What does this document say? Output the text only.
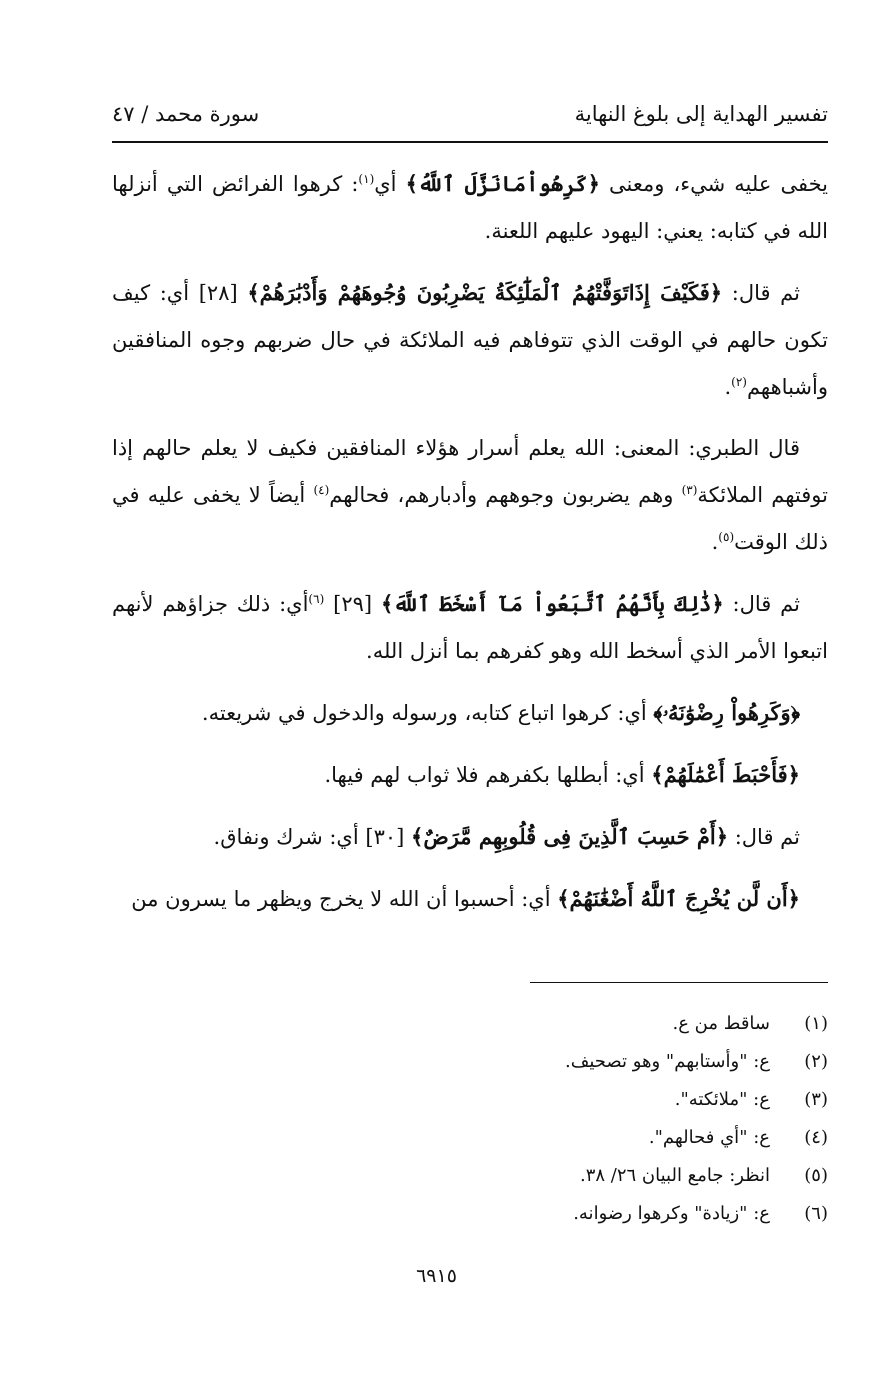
تفسير الهداية إلى بلوغ النهاية
سورة محمد / ٤٧

يخفى عليه شيء، ومعنى ﴿كَرِهُواْمَانَزَّلَ ٱللَّهُ﴾ أي$^{(١)}$: كرهوا الفرائض التي أنزلها الله في كتابه: يعني: اليهود عليهم اللعنة.

ثم قال: ﴿فَكَيْفَ إِذَاتَوَفَّتْهُمُ ٱلْمَلَٰٓئِكَةُ يَضْرِبُونَ وُجُوهَهُمْ وَأَدْبَٰرَهُمْ﴾ [٢٨] أي: كيف تكون حالهم في الوقت الذي تتوفاهم فيه الملائكة في حال ضربهم وجوه المنافقين وأشباههم$^{(٢)}$.

قال الطبري: المعنى: الله يعلم أسرار هؤلاء المنافقين فكيف لا يعلم حالهم إذا توفتهم الملائكة$^{(٣)}$ وهم يضربون وجوههم وأدبارهم، فحالهم$^{(٤)}$ أيضاً لا يخفى عليه في ذلك الوقت$^{(٥)}$.

ثم قال: ﴿ذَٰلِكَ بِأَنَّهُمُ ٱتَّبَعُواْ مَآ أَسْخَطَ ٱللَّهَ﴾ [٢٩] $^{(٦)}$أي: ذلك جزاؤهم لأنهم اتبعوا الأمر الذي أسخط الله وهو كفرهم بما أنزل الله.

﴿وَكَرِهُواْ رِضْوَٰنَهُۥ﴾ أي: كرهوا اتباع كتابه، ورسوله والدخول في شريعته.

﴿فَأَحْبَطَ أَعْمَٰلَهُمْ﴾ أي: أبطلها بكفرهم فلا ثواب لهم فيها.

ثم قال: ﴿أَمْ حَسِبَ ٱلَّذِينَ فِى قُلُوبِهِم مَّرَضٌ﴾ [٣٠] أي: شرك ونفاق.

﴿أَن لَّن يُخْرِجَ ٱللَّهُ أَضْغَٰنَهُمْ﴾ أي: أحسبوا أن الله لا يخرج ويظهر ما يسرون من

(١)
ساقط من ع.
(٢)
ع: "وأستابهم" وهو تصحيف.
(٣)
ع: "ملائكته".
(٤)
ع: "أي فحالهم".
(٥)
انظر: جامع البيان ٢٦/ ٣٨.
(٦)
ع: "زيادة" وكرهوا رضوانه.
٦٩١٥
